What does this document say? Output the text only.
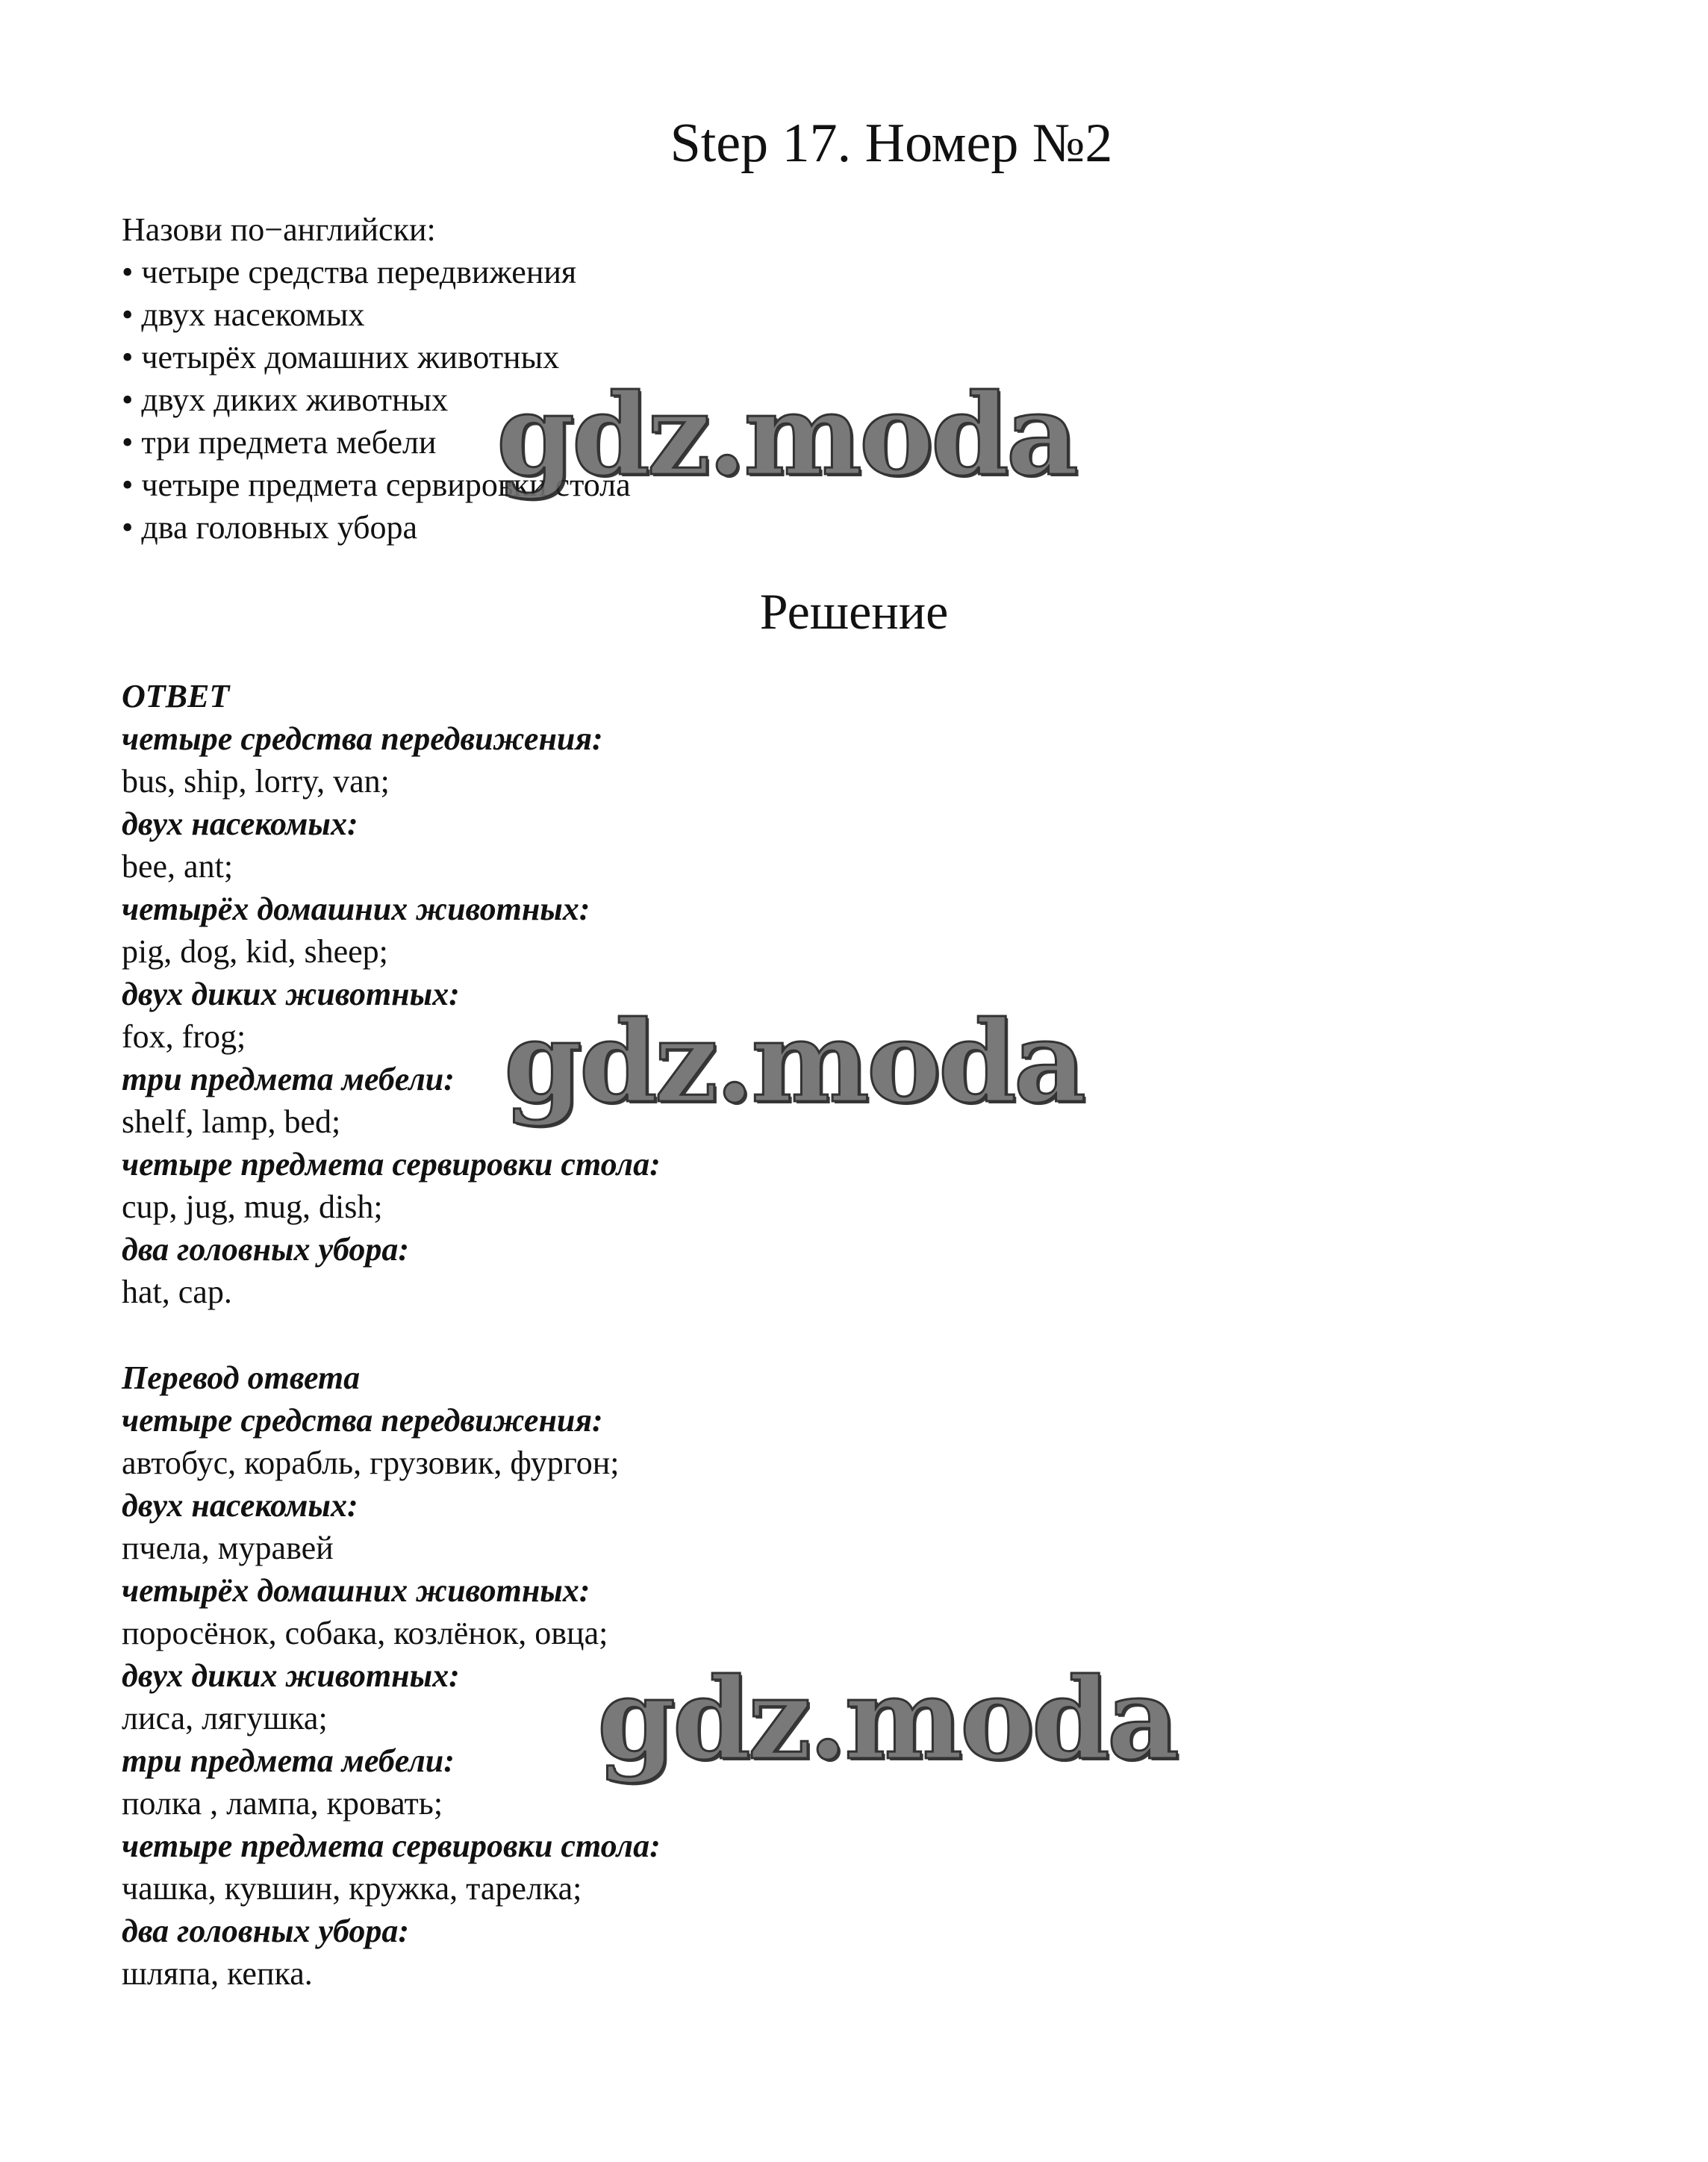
Step 17. Номер №2
Назови по−английски:
• четыре средства передвижения
• двух насекомых
• четырёх домашних животных
• двух диких животных
• три предмета мебели
• четыре предмета сервировки стола
• два головных убора
Решение
ОТВЕТ
четыре средства передвижения:
bus, ship, lorry, van;
двух насекомых:
bee, ant;
четырёх домашних животных:
pig, dog, kid, sheep;
двух диких животных:
fox, frog;
три предмета мебели:
shelf, lamp, bed;
четыре предмета сервировки стола:
cup, jug, mug, dish;
два головных убора:
hat, cap.
Перевод ответа
четыре средства передвижения:
автобус, корабль, грузовик, фургон;
двух насекомых:
пчела, муравей
четырёх домашних животных:
поросёнок, собака, козлёнок, овца;
двух диких животных:
лиса, лягушка;
три предмета мебели:
полка , лампа, кровать;
четыре предмета сервировки стола:
чашка, кувшин, кружка, тарелка;
два головных убора:
шляпа, кепка.
gdz.moda
gdz.moda
gdz.moda
